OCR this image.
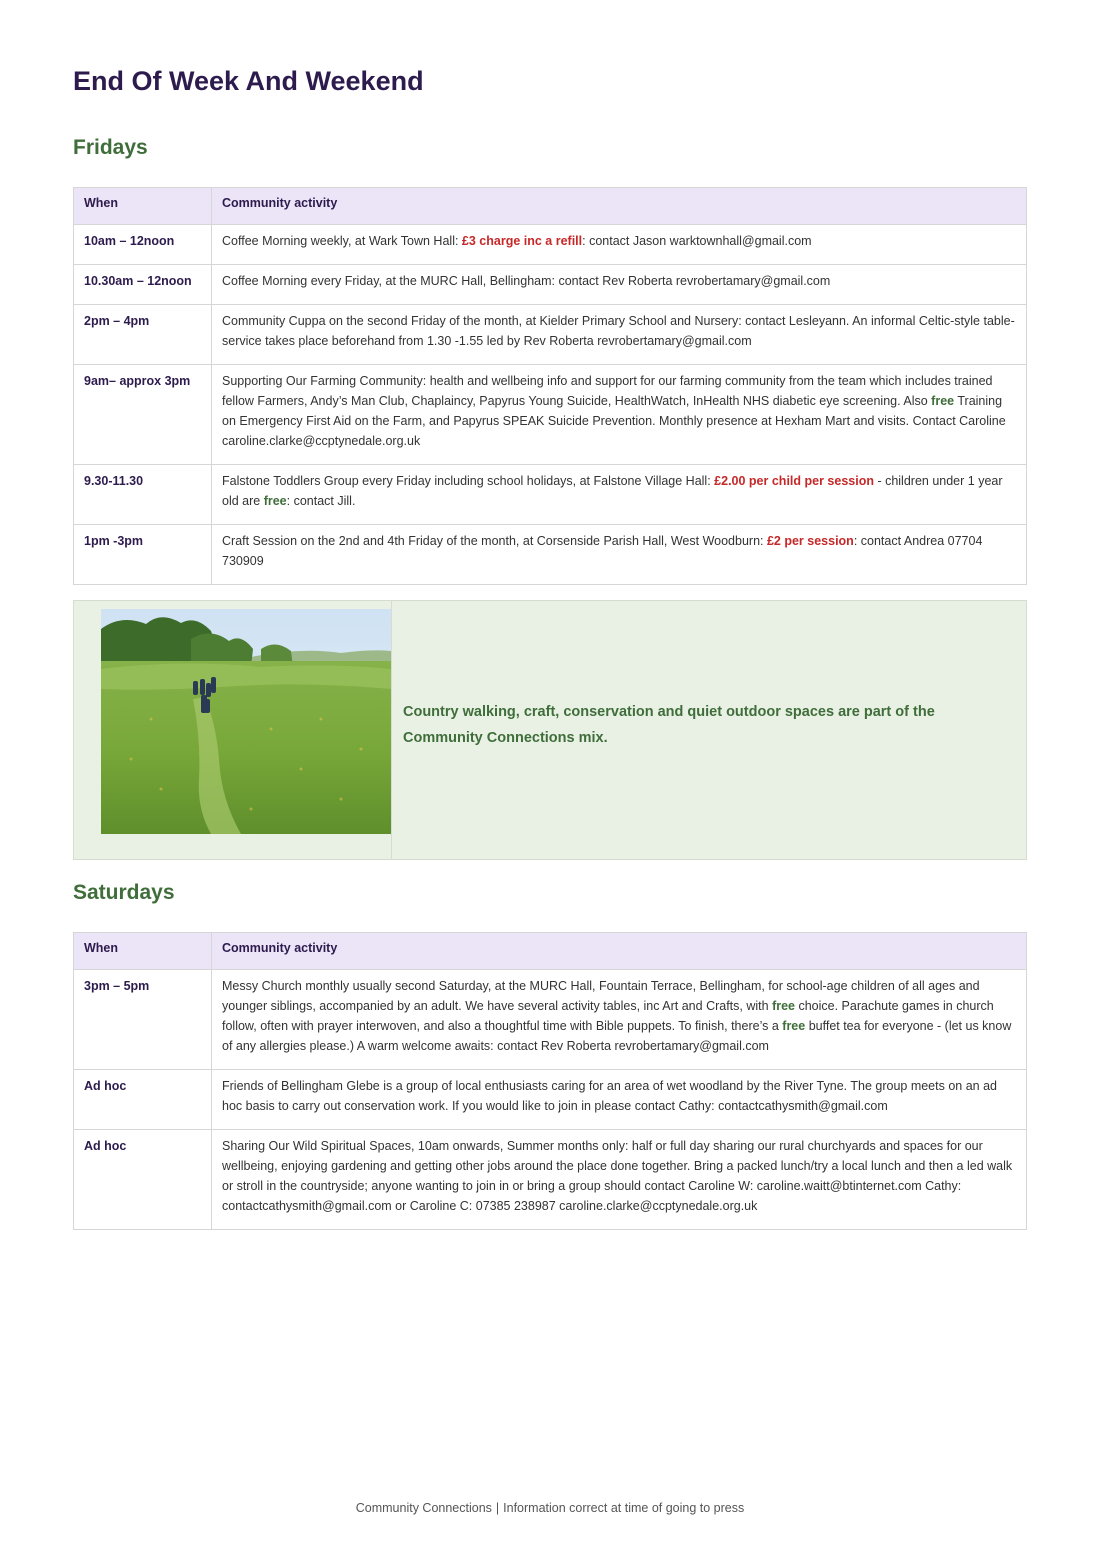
End Of Week And Weekend
Fridays
When	Community activity
10am – 12noon	Coffee Morning weekly, at Wark Town Hall: £3 charge inc a refill: contact Jason warktownhall@gmail.com
10.30am – 12noon	Coffee Morning every Friday, at the MURC Hall, Bellingham: contact Rev Roberta revrobertamary@gmail.com
2pm – 4pm	Community Cuppa on the second Friday of the month, at Kielder Primary School and Nursery: contact Lesleyann. An informal Celtic-style table-service takes place beforehand from 1.30 -1.55 led by Rev Roberta revrobertamary@gmail.com
9am– approx 3pm	Supporting Our Farming Community: health and wellbeing info and support for our farming community from the team which includes trained fellow Farmers, Andy’s Man Club, Chaplaincy, Papyrus Young Suicide, HealthWatch, InHealth NHS diabetic eye screening. Also free Training on Emergency First Aid on the Farm, and Papyrus SPEAK Suicide Prevention. Monthly presence at Hexham Mart and visits. Contact Caroline caroline.clarke@ccptynedale.org.uk
9.30-11.30	Falstone Toddlers Group every Friday including school holidays, at Falstone Village Hall: £2.00 per child per session - children under 1 year old are free: contact Jill.
1pm -3pm	Craft Session on the 2nd and 4th Friday of the month, at Corsenside Parish Hall, West Woodburn: £2 per session: contact Andrea 07704 730909
Country walking, craft, conservation and quiet outdoor spaces are part of the Community Connections mix.
Saturdays
When	Community activity
3pm – 5pm	Messy Church monthly usually second Saturday, at the MURC Hall, Fountain Terrace, Bellingham, for school-age children of all ages and younger siblings, accompanied by an adult. We have several activity tables, inc Art and Crafts, with free choice. Parachute games in church follow, often with prayer interwoven, and also a thoughtful time with Bible puppets. To finish, there’s a free buffet tea for everyone - (let us know of any allergies please.) A warm welcome awaits: contact Rev Roberta revrobertamary@gmail.com
Ad hoc	Friends of Bellingham Glebe is a group of local enthusiasts caring for an area of wet woodland by the River Tyne. The group meets on an ad hoc basis to carry out conservation work. If you would like to join in please contact Cathy: contactcathysmith@gmail.com
Ad hoc	Sharing Our Wild Spiritual Spaces, 10am onwards, Summer months only: half or full day sharing our rural churchyards and spaces for our wellbeing, enjoying gardening and getting other jobs around the place done together. Bring a packed lunch/try a local lunch and then a led walk or stroll in the countryside; anyone wanting to join in or bring a group should contact Caroline W: caroline.waitt@btinternet.com Cathy: contactcathysmith@gmail.com or Caroline C: 07385 238987 caroline.clarke@ccptynedale.org.uk
Community Connections | Information correct at time of going to press
